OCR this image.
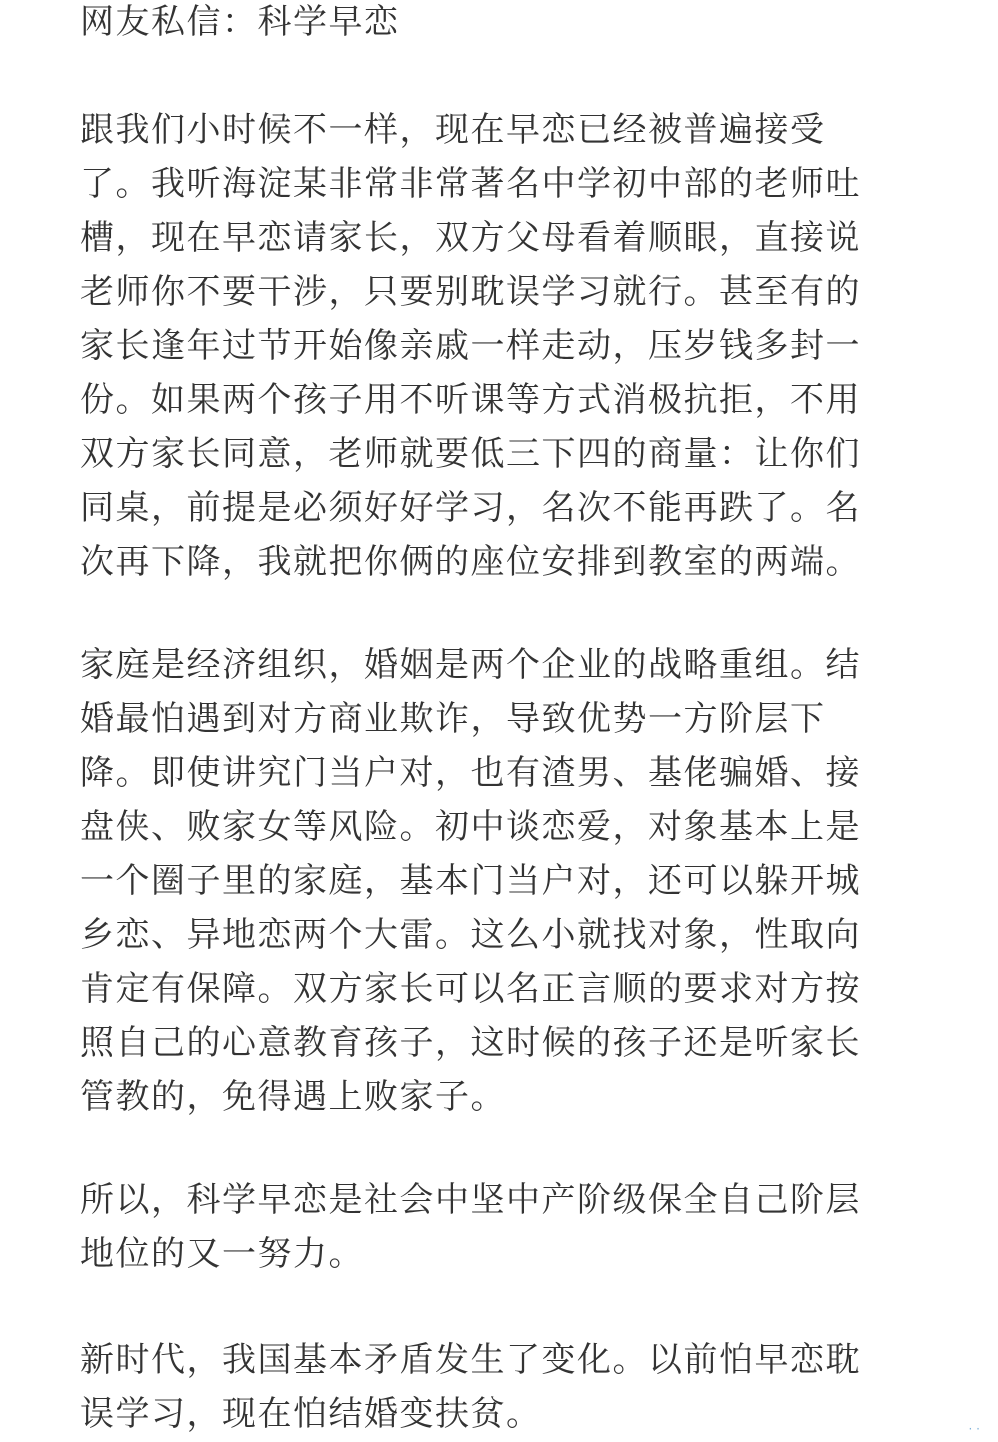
网友私信：科学早恋
跟我们小时候不一样，现在早恋已经被普遍接受
了。我听海淀某非常非常著名中学初中部的老师吐
槽，现在早恋请家长，双方父母看着顺眼，直接说
老师你不要干涉，只要别耽误学习就行。甚至有的
家长逢年过节开始像亲戚一样走动，压岁钱多封一
份。如果两个孩子用不听课等方式消极抗拒，不用
双方家长同意，老师就要低三下四的商量：让你们
同桌，前提是必须好好学习，名次不能再跌了。名
次再下降，我就把你俩的座位安排到教室的两端。
家庭是经济组织，婚姻是两个企业的战略重组。结
婚最怕遇到对方商业欺诈，导致优势一方阶层下
降。即使讲究门当户对，也有渣男、基佬骗婚、接
盘侠、败家女等风险。初中谈恋爱，对象基本上是
一个圈子里的家庭，基本门当户对，还可以躲开城
乡恋、异地恋两个大雷。这么小就找对象，性取向
肯定有保障。双方家长可以名正言顺的要求对方按
照自己的心意教育孩子，这时候的孩子还是听家长
管教的，免得遇上败家子。
所以，科学早恋是社会中坚中产阶级保全自己阶层
地位的又一努力。
新时代，我国基本矛盾发生了变化。以前怕早恋耽
误学习，现在怕结婚变扶贫。	· ·
